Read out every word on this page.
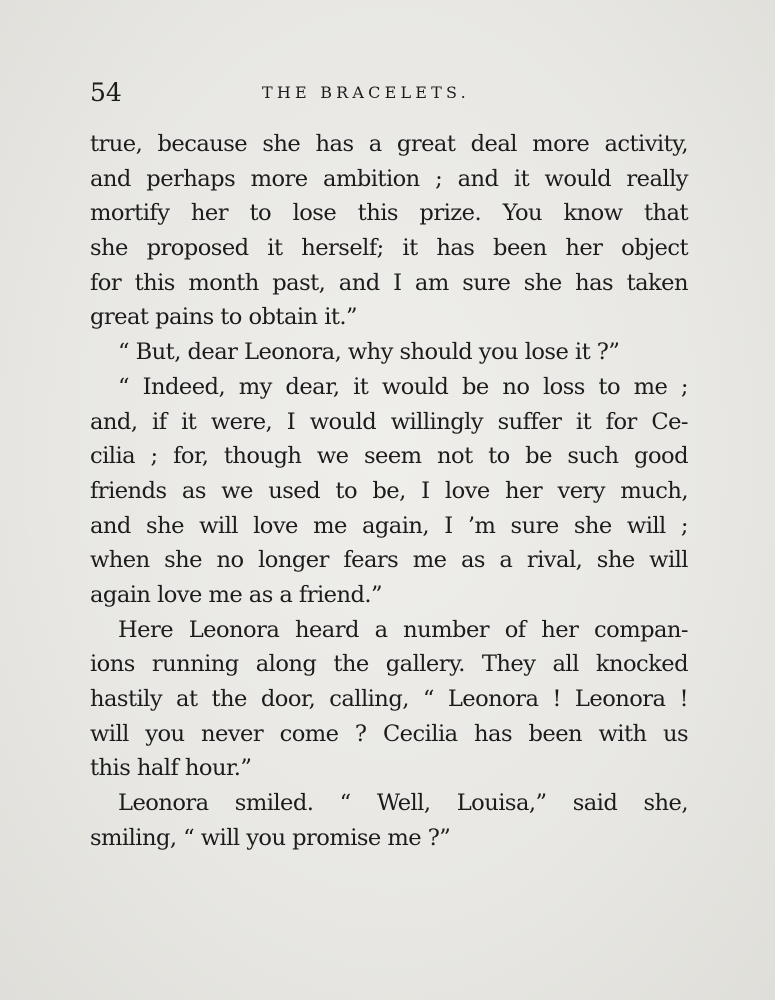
54	THE BRACELETS.
true, because she has a great deal more activity,
and perhaps more ambition ; and it would really
mortify her to lose this prize. You know that
she proposed it herself; it has been her object
for this month past, and I am sure she has taken
great pains to obtain it.”
“ But, dear Leonora, why should you lose it ?”
“ Indeed, my dear, it would be no loss to me ;
and, if it were, I would willingly suffer it for Ce-
cilia ; for, though we seem not to be such good
friends as we used to be, I love her very much,
and she will love me again, I ’m sure she will ;
when she no longer fears me as a rival, she will
again love me as a friend.”
Here Leonora heard a number of her compan-
ions running along the gallery. They all knocked
hastily at the door, calling, “ Leonora ! Leonora !
will you never come ? Cecilia has been with us
this half hour.”
Leonora smiled. “ Well, Louisa,” said she,
smiling, “ will you promise me ?”
